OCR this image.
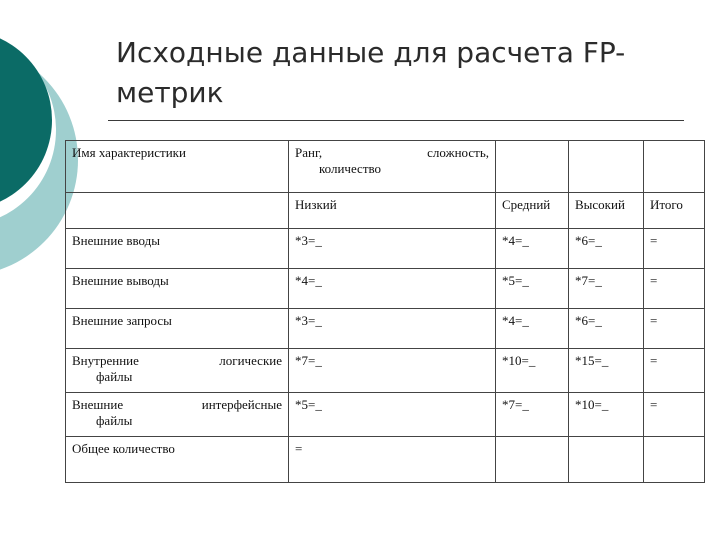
Исходные данные для расчета FP-метрик
Имя характеристики	Ранг, сложность,
количество			

	Низкий	Средний	Высокий	Итого
Внешние вводы	*3=_	*4=_	*6=_	=
Внешние выводы	*4=_	*5=_	*7=_	=
Внешние запросы	*3=_	*4=_	*6=_	=

Внутренние логические
файлы	*7=_	*10=_	*15=_	=

Внешние интерфейсные
файлы	*5=_	*7=_	*10=_	=
Общее количество	=			
